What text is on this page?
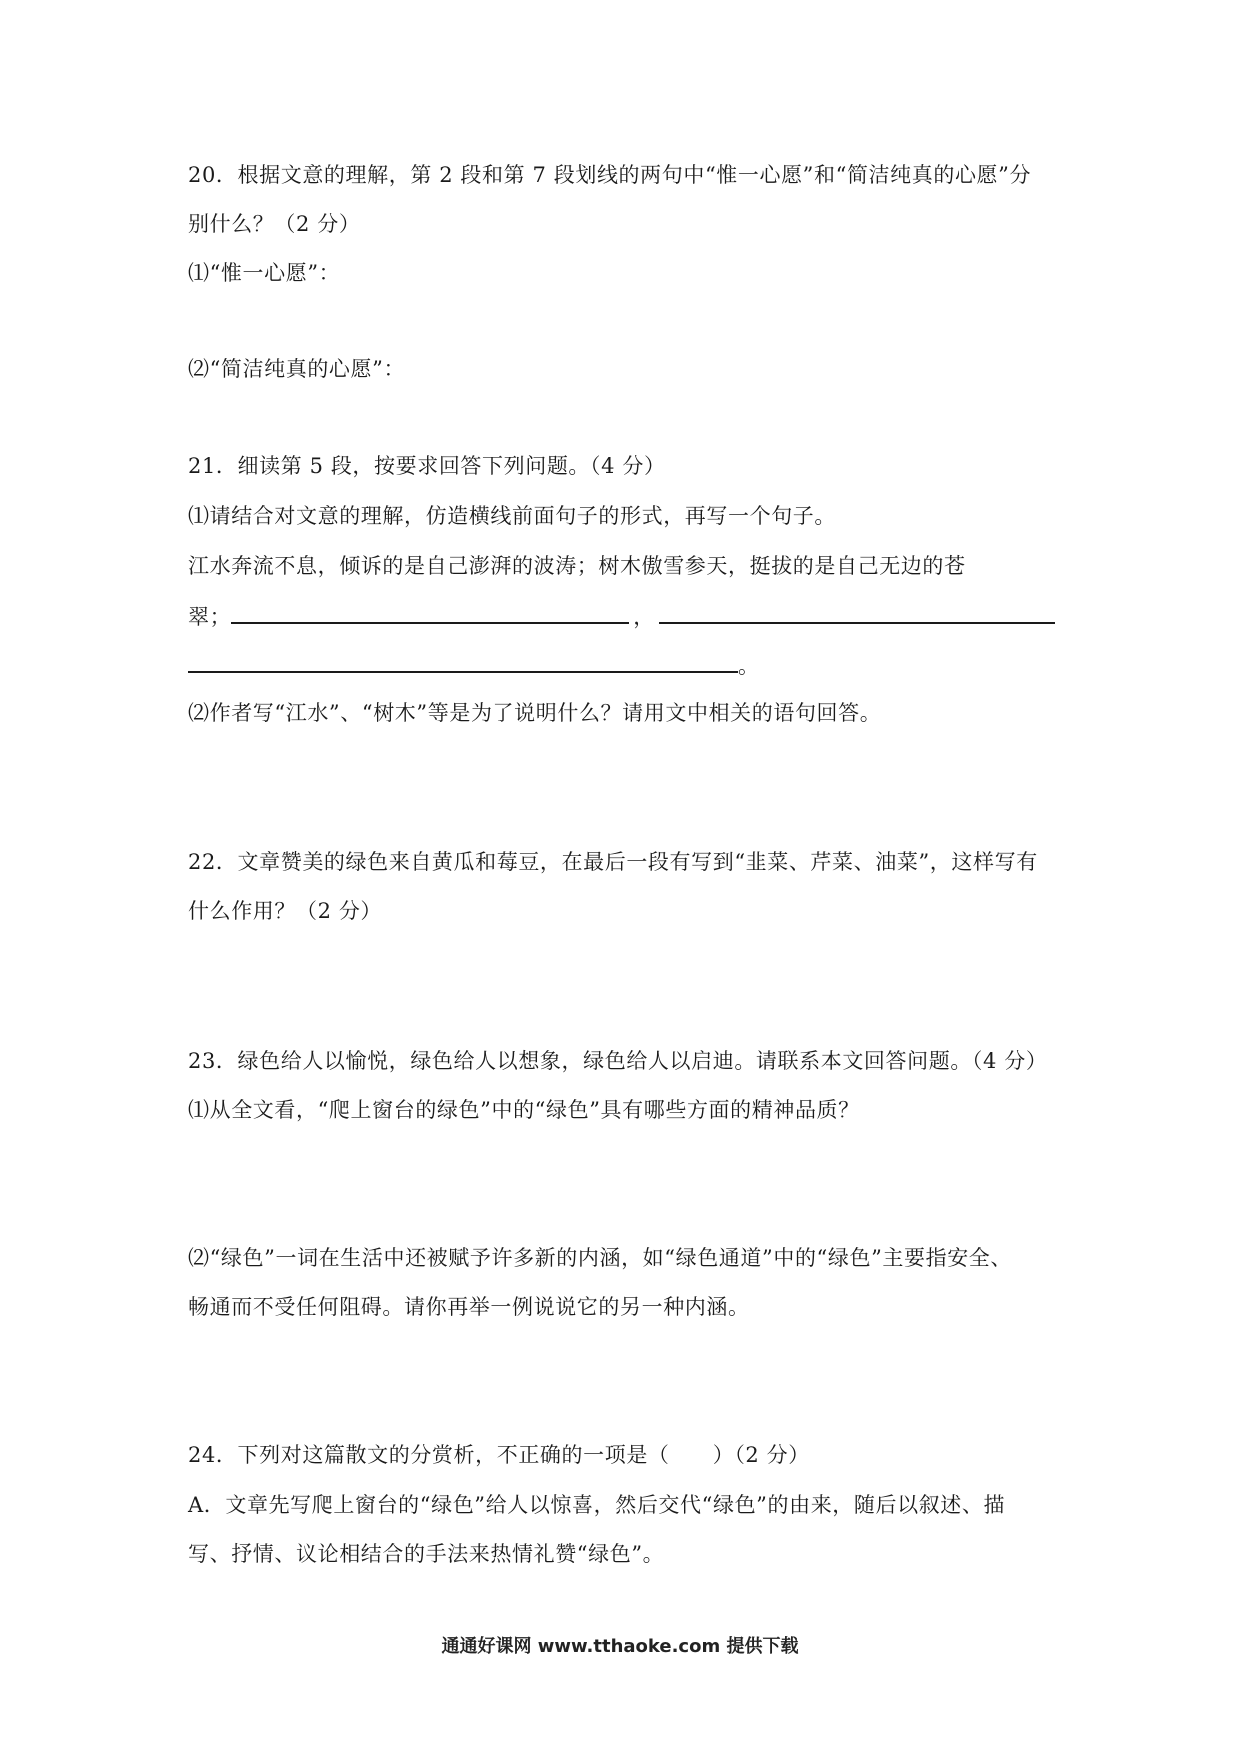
20．根据文意的理解，第 2 段和第 7 段划线的两句中“惟一心愿”和“简洁纯真的心愿”分
别什么？（2 分）
⑴“惟一心愿”：
⑵“简洁纯真的心愿”：
21．细读第 5 段，按要求回答下列问题。（4 分）
⑴请结合对文意的理解，仿造横线前面句子的形式，再写一个句子。
江水奔流不息，倾诉的是自己澎湃的波涛；树木傲雪参天，挺拔的是自己无边的苍
翠；	，
。
⑵作者写“江水”、“树木”等是为了说明什么？请用文中相关的语句回答。
22．文章赞美的绿色来自黄瓜和莓豆，在最后一段有写到“韭菜、芹菜、油菜”，这样写有
什么作用？（2 分）
23．绿色给人以愉悦，绿色给人以想象，绿色给人以启迪。请联系本文回答问题。（4 分）
⑴从全文看，“爬上窗台的绿色”中的“绿色”具有哪些方面的精神品质？
⑵“绿色”一词在生活中还被赋予许多新的内涵，如“绿色通道”中的“绿色”主要指安全、
畅通而不受任何阻碍。请你再举一例说说它的另一种内涵。
24．下列对这篇散文的分赏析，不正确的一项是（　　）（2 分）
A．文章先写爬上窗台的“绿色”给人以惊喜，然后交代“绿色”的由来，随后以叙述、描
写、抒情、议论相结合的手法来热情礼赞“绿色”。
通通好课网 www.tthaoke.com 提供下载
